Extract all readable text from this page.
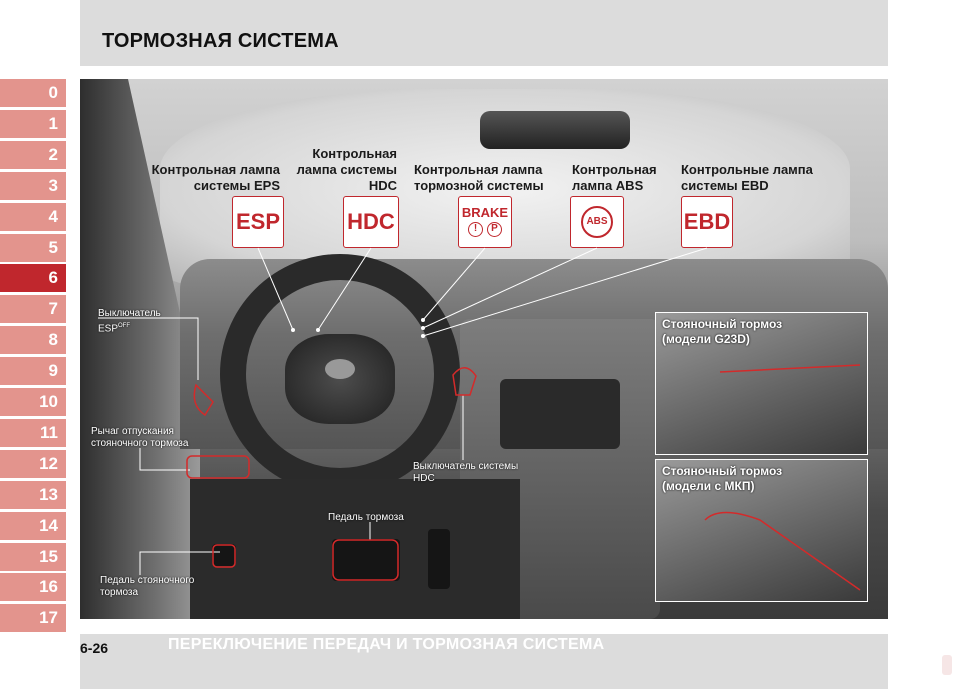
ТОРМОЗНАЯ СИСТЕМА
0
1
2
3
4
5
6
7
8
9
10
11
12
13
14
15
16
17
Стояночный тормоз
(модели G23D)
Стояночный тормоз
(модели с МКП)
Контрольная лампа
системы EPS
Контрольная
лампа системы
HDC
Контрольная лампа
тормозной системы
Контрольная
лампа ABS
Контрольные лампа
системы EBD
ESP	HDC	BRAKE
!	P
ABS	EBD
Выключатель
$ESP^{OFF}$
Рычаг отпускания
стояночного тормоза
Выключатель системы
HDC
Педаль тормоза
Педаль стояночного
тормоза
6-26	ПЕРЕКЛЮЧЕНИЕ ПЕРЕДАЧ И ТОРМОЗНАЯ СИСТЕМА
